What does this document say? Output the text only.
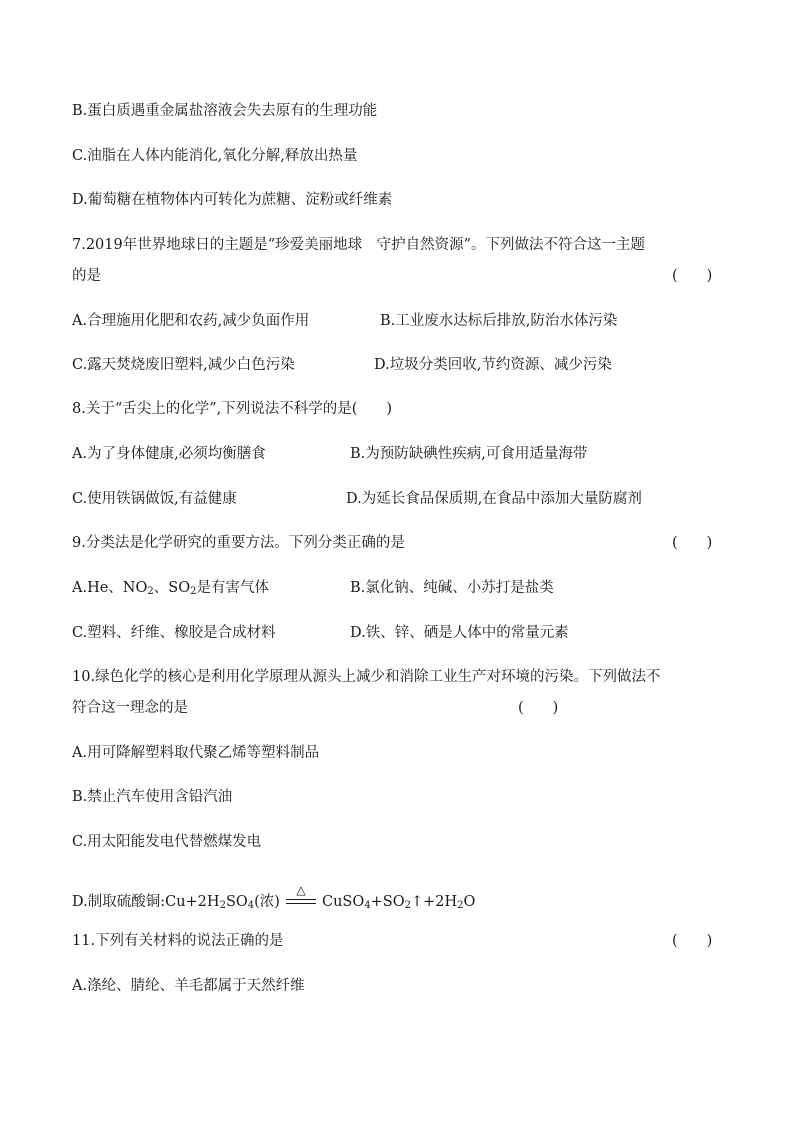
B.蛋白质遇重金属盐溶液会失去原有的生理功能
C.油脂在人体内能消化,氧化分解,释放出热量
D.葡萄糖在植物体内可转化为蔗糖、淀粉或纤维素
7.2019年世界地球日的主题是“珍爱美丽地球　守护自然资源”。下列做法不符合这一主题
的是	(　　)
A.合理施用化肥和农药,减少负面作用	B.工业废水达标后排放,防治水体污染
C.露天焚烧废旧塑料,减少白色污染	D.垃圾分类回收,节约资源、减少污染
8.关于“舌尖上的化学”,下列说法不科学的是(　　)
A.为了身体健康,必须均衡膳食	B.为预防缺碘性疾病,可食用适量海带
C.使用铁锅做饭,有益健康	D.为延长食品保质期,在食品中添加大量防腐剂
9.分类法是化学研究的重要方法。下列分类正确的是	(　　)
A.He、$NO_2$、$SO_2$是有害气体	B.氯化钠、纯碱、小苏打是盐类
C.塑料、纤维、橡胶是合成材料	D.铁、锌、硒是人体中的常量元素
10.绿色化学的核心是利用化学原理从源头上减少和消除工业生产对环境的污染。下列做法不
符合这一理念的是	(　　)
A.用可降解塑料取代聚乙烯等塑料制品
B.禁止汽车使用含铅汽油
C.用太阳能发电代替燃煤发电
D.制取硫酸铜$:Cu+2H_2SO_4$(浓)
△
$CuSO_4+SO_2↑+2H_2O$
11.下列有关材料的说法正确的是	(　　)
A.涤纶、腈纶、羊毛都属于天然纤维
